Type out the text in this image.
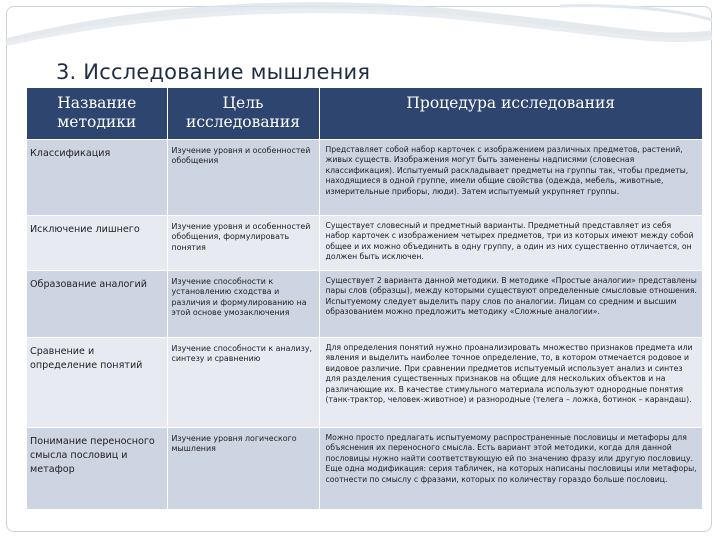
3. Исследование мышления
Название методики	Цель исследования	Процедура исследования
Классификация	Изучение уровня и особенностей обобщения	Представляет собой набор карточек с изображением различных предметов, растений, живых существ. Изображения могут быть заменены надписями (словесная классификация). Испытуемый раскладывает предметы на группы так, чтобы предметы, находящиеся в одной группе, имели общие свойства (одежда, мебель, животные, измерительные приборы, люди). Затем испытуемый укрупняет группы.
Исключение лишнего	Изучение уровня и особенностей обобщения, формулировать понятия	Существует словесный и предметный варианты. Предметный представляет из себя набор карточек с изображением четырех предметов, три из которых имеют между собой общее и их можно объединить в одну группу, а один из них существенно отличается, он должен быть исключен.
Образование аналогий	Изучение способности к установлению сходства и различия и формулированию на этой основе умозаключения	Существует 2 варианта данной методики. В методике «Простые аналогии» представлены пары слов (образцы), между которыми существуют определенные смысловые отношения. Испытуемому следует выделить пару слов по аналогии. Лицам со средним и высшим образованием можно предложить методику «Сложные аналогии».
Сравнение и определение понятий	Изучение способности к анализу, синтезу и сравнению	Для определения понятий нужно проанализировать множество признаков предмета или явления и выделить наиболее точное определение, то, в котором отмечается родовое и видовое различие. При сравнении предметов испытуемый использует анализ и синтез для разделения существенных признаков на общие для нескольких объектов и на различающие их. В качестве стимульного материала используют однородные понятия (танк-трактор, человек-животное) и разнородные (телега – ложка, ботинок – карандаш).
Понимание переносного смысла пословиц и метафор	Изучение уровня логического мышления	Можно просто предлагать испытуемому распространенные пословицы и метафоры для объяснения их переносного смысла. Есть вариант этой методики, когда для данной пословицы нужно найти соответствующую ей по значению фразу или другую пословицу. Еще одна модификация: серия табличек, на которых написаны пословицы или метафоры, соотнести по смыслу с фразами, которых по количеству гораздо больше пословиц.
